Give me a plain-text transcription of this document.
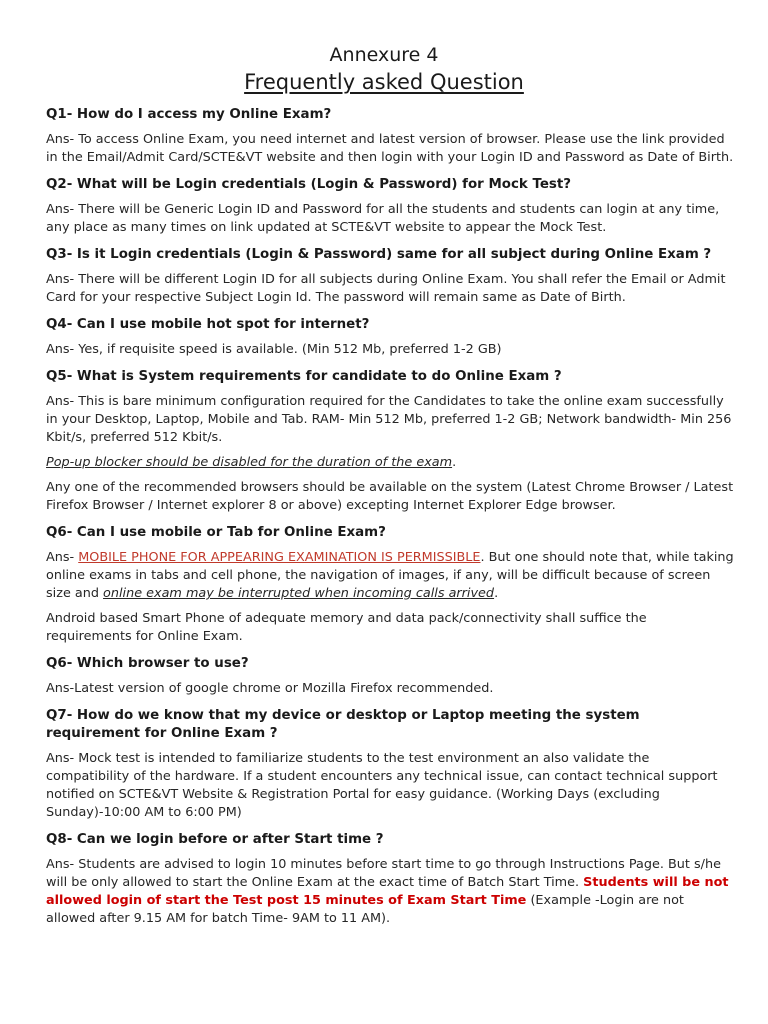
Annexure 4
Frequently asked Question

Q1- How do I access my Online Exam?

Ans- To access Online Exam, you need internet and latest version of browser. Please use the link provided in the Email/Admit Card/SCTE&VT website and then login with your Login ID and Password as Date of Birth.

Q2- What will be Login credentials (Login & Password) for Mock Test?

Ans- There will be Generic Login ID and Password for all the students and students can login at any time, any place as many times on link updated at SCTE&VT website to appear the Mock Test.

Q3- Is it Login credentials (Login & Password) same for all subject during Online Exam ?

Ans- There will be different Login ID for all subjects during Online Exam. You shall refer the Email or Admit Card for your respective Subject Login Id. The password will remain same as Date of Birth.

Q4- Can I use mobile hot spot for internet?

Ans- Yes, if requisite speed is available. (Min 512 Mb, preferred 1-2 GB)

Q5- What is System requirements for candidate to do Online Exam ?

Ans- This is bare minimum configuration required for the Candidates to take the online exam successfully in your Desktop, Laptop, Mobile and Tab. RAM- Min 512 Mb, preferred 1-2 GB; Network bandwidth- Min 256 Kbit/s, preferred 512 Kbit/s.

Pop-up blocker should be disabled for the duration of the exam.

Any one of the recommended browsers should be available on the system (Latest Chrome Browser / Latest Firefox Browser / Internet explorer 8 or above) excepting Internet Explorer Edge browser.

Q6- Can I use mobile or Tab for Online Exam?

Ans- MOBILE PHONE FOR APPEARING EXAMINATION IS PERMISSIBLE. But one should note that, while taking online exams in tabs and cell phone, the navigation of images, if any, will be difficult because of screen size and online exam may be interrupted when incoming calls arrived.

Android based Smart Phone of adequate memory and data pack/connectivity shall suffice the requirements for Online Exam.

Q6- Which browser to use?

Ans-Latest version of google chrome or Mozilla Firefox recommended.

Q7- How do we know that my device or desktop or Laptop meeting the system requirement for Online Exam ?

Ans- Mock test is intended to familiarize students to the test environment an also validate the compatibility of the hardware. If a student encounters any technical issue, can contact technical support notified on SCTE&VT Website & Registration Portal for easy guidance. (Working Days (excluding Sunday)-10:00 AM to 6:00 PM)

Q8- Can we login before or after Start time ?

Ans- Students are advised to login 10 minutes before start time to go through Instructions Page. But s/he will be only allowed to start the Online Exam at the exact time of Batch Start Time. Students will be not allowed login of start the Test post 15 minutes of Exam Start Time (Example -Login are not allowed after 9.15 AM for batch Time- 9AM to 11 AM).
